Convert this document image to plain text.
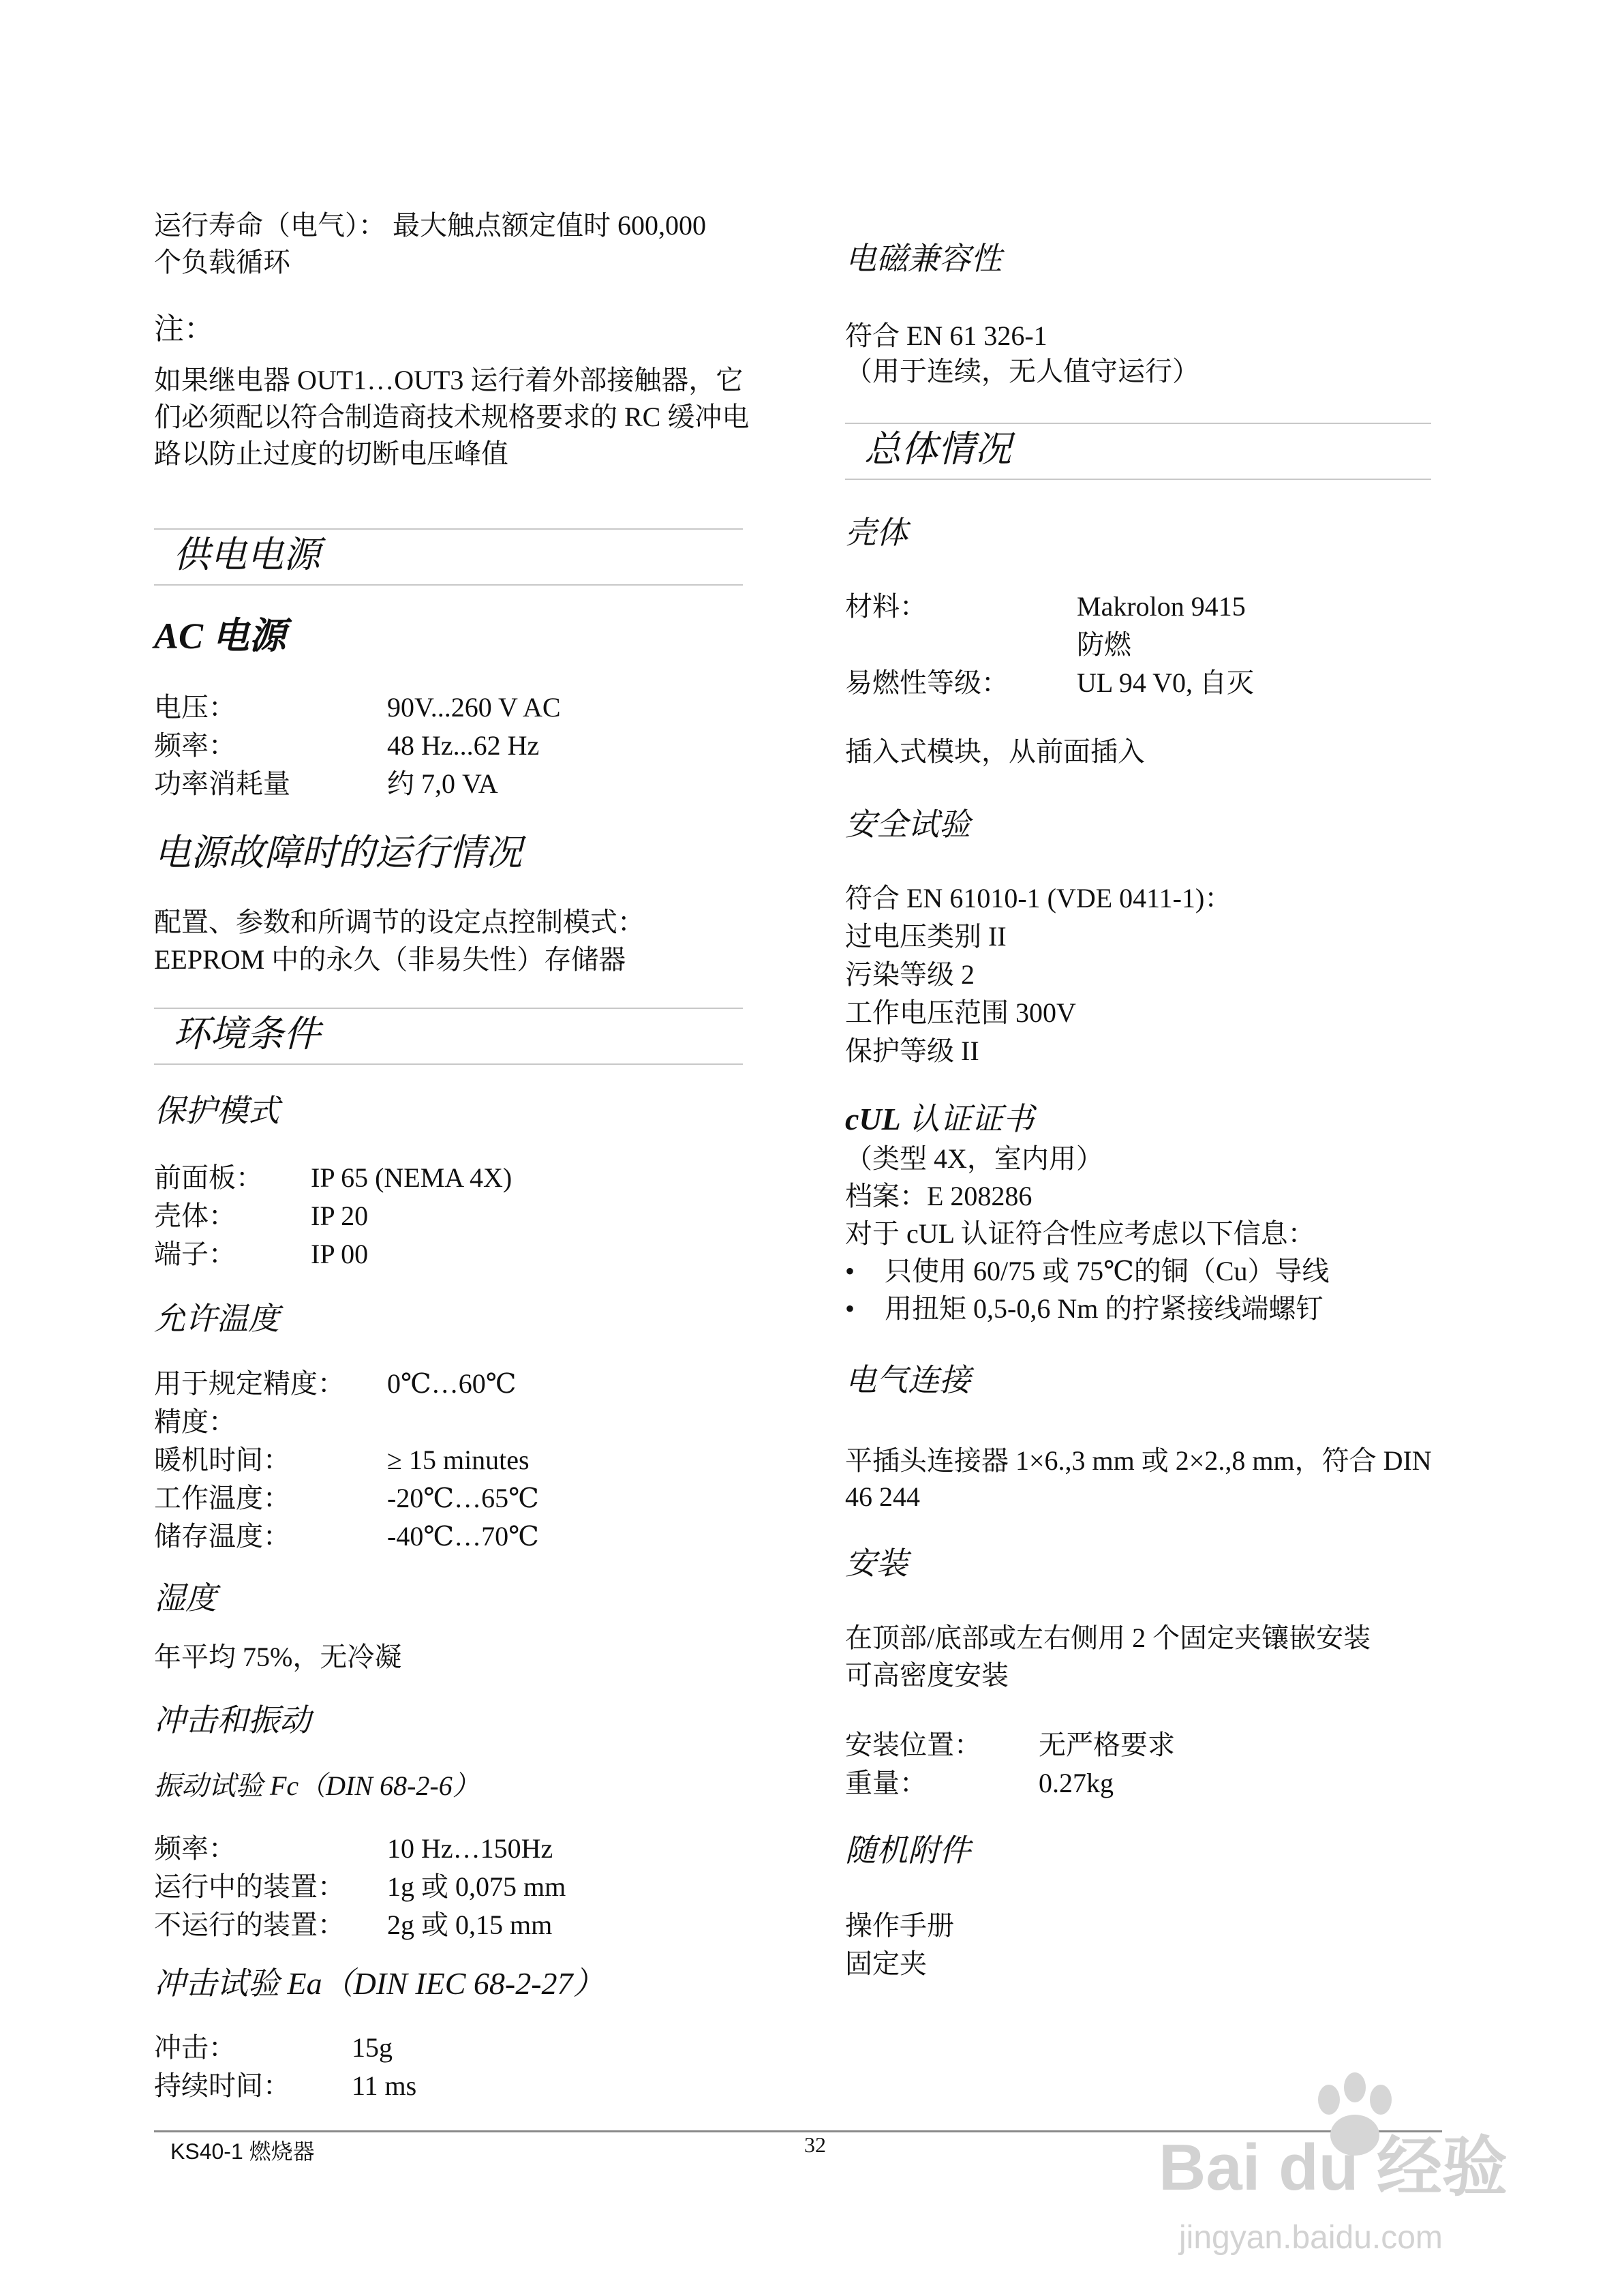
运行寿命（电气）： 最大触点额定值时 600,000
个负载循环
注：
如果继电器 OUT1…OUT3 运行着外部接触器，它
们必须配以符合制造商技术规格要求的 RC 缓冲电
路以防止过度的切断电压峰值
供电电源
AC 电源
电压：	90V...260 V AC
频率：	48 Hz...62 Hz
功率消耗量	约 7,0 VA
电源故障时的运行情况
配置、参数和所调节的设定点控制模式：
EEPROM 中的永久（非易失性）存储器
环境条件
保护模式
前面板： IP 65 (NEMA 4X)
壳体：	IP 20
端子：	IP 00
允许温度
用于规定精度： 0℃…60℃
精度：
暖机时间：	≥ 15 minutes
工作温度：	-20℃…65℃
储存温度：	-40℃…70℃
湿度
年平均 75%，无冷凝
冲击和振动
振动试验 Fc（DIN 68-2-6）
频率：	10 Hz…150Hz
运行中的装置： 1g 或 0,075 mm
不运行的装置： 2g 或 0,15 mm
冲击试验 Ea（DIN IEC 68-2-27）
冲击：	15g
持续时间： 11 ms
电磁兼容性
符合 EN 61 326-1
（用于连续，无人值守运行）
总体情况
壳体
材料：	Makrolon 9415
防燃
易燃性等级：	UL 94 V0, 自灭
插入式模块，从前面插入
安全试验
符合 EN 61010-1 (VDE 0411-1)：
过电压类别 II
污染等级 2
工作电压范围 300V
保护等级 II
cUL 认证证书
（类型 4X，室内用）
档案：E 208286
对于 cUL 认证符合性应考虑以下信息：
• 只使用 60/75 或 75℃的铜（Cu）导线
• 用扭矩 0,5-0,6 Nm 的拧紧接线端螺钉
电气连接
平插头连接器 1×6.,3 mm 或 2×2.,8 mm，符合 DIN
46 244
安装
在顶部/底部或左右侧用 2 个固定夹镶嵌安装
可高密度安装
安装位置： 无严格要求
重量：	0.27kg
随机附件
操作手册
固定夹
KS40-1 燃烧器	32	Bai du 经验
jingyan.baidu.com
